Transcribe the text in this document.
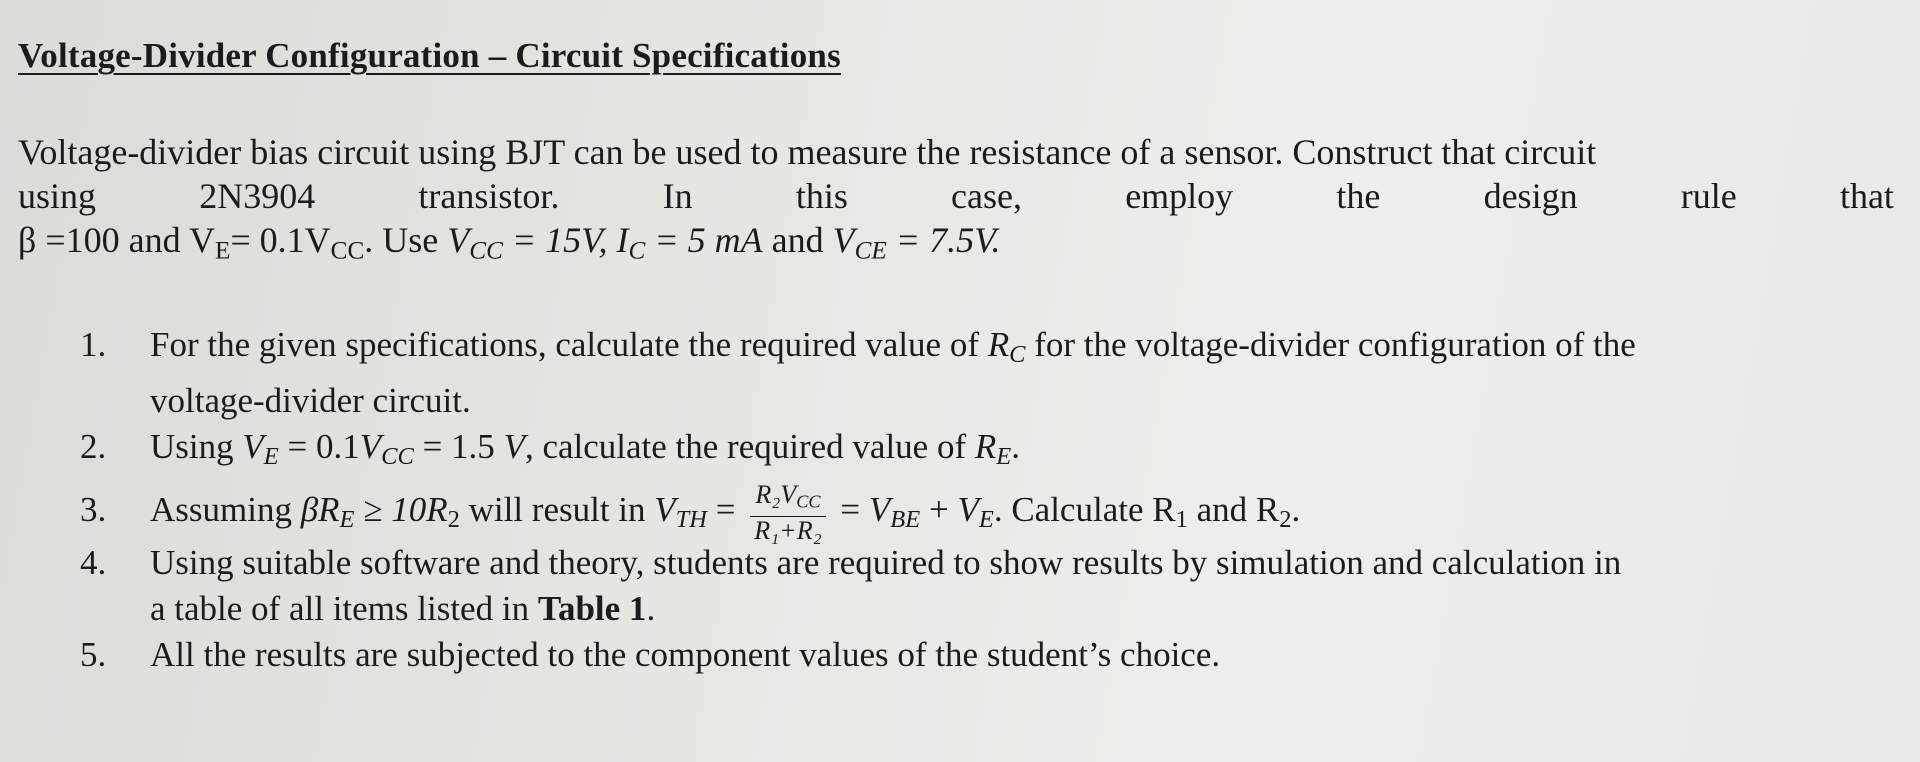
Voltage-Divider Configuration – Circuit Specifications
Voltage-divider bias circuit using BJT can be used to measure the resistance of a sensor. Construct that circuit
using	2N3904	transistor.	In	this	case,	employ	the	design	rule	that
β =100 and VE= 0.1VCC. Use $V_{CC} = 15V$, $I_C = 5$ mA and $V_{CE} = 7.5V$.
1. For the given specifications, calculate the required value of $R_C$ for the voltage-divider configuration of the
voltage-divider circuit.
2. Using $V_E = 0.1V_{CC} = 1.5$ V, calculate the required value of $R_E$.
3. Assuming $\beta R_E \ge 10R2$ will result in $V_{TH} = \frac{R_2V_{CC}}{\text{R₁+R₂}} = V_{BE} + V_E$. Calculate R1 and R2.
4. Using suitable software and theory, students are required to show results by simulation and calculation in
a table of all items listed in Table 1.
5. All the results are subjected to the component values of the student’s choice.
